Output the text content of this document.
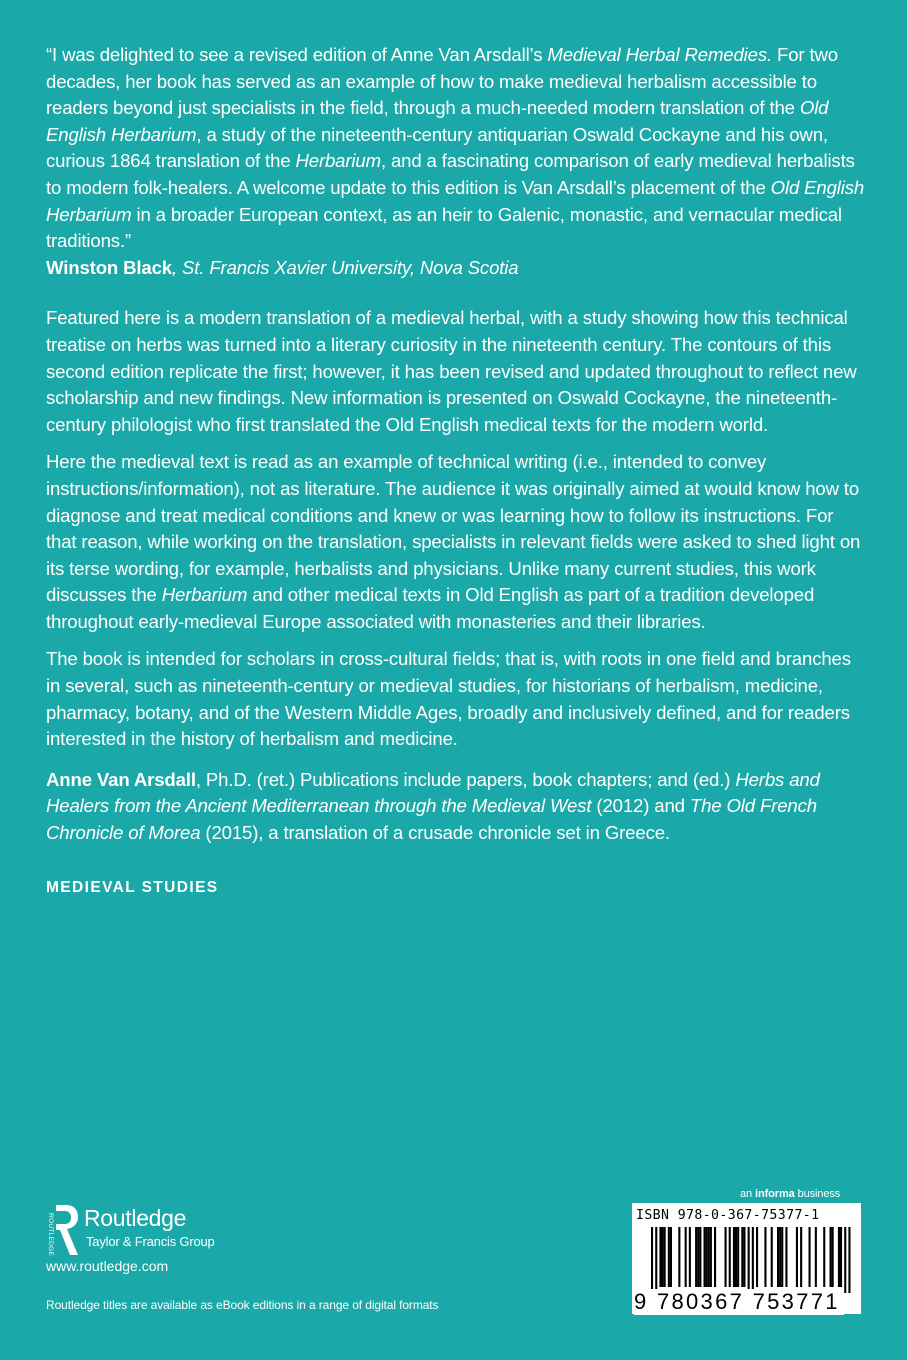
“I was delighted to see a revised edition of Anne Van Arsdall’s Medieval Herbal Remedies. For two decades, her book has served as an example of how to make medieval herbalism accessible to readers beyond just specialists in the field, through a much-needed modern translation of the Old English Herbarium, a study of the nineteenth-century antiquarian Oswald Cockayne and his own, curious 1864 translation of the Herbarium, and a fascinating comparison of early medieval herbalists to modern folk-healers. A welcome update to this edition is Van Arsdall’s placement of the Old English Herbarium in a broader European context, as an heir to Galenic, monastic, and vernacular medical traditions.”
Winston Black, St. Francis Xavier University, Nova Scotia

Featured here is a modern translation of a medieval herbal, with a study showing how this technical treatise on herbs was turned into a literary curiosity in the nineteenth century. The contours of this second edition replicate the first; however, it has been revised and updated throughout to reflect new scholarship and new findings. New information is presented on Oswald Cockayne, the nineteenth-century philologist who first translated the Old English medical texts for the modern world.

Here the medieval text is read as an example of technical writing (i.e., intended to convey instructions/information), not as literature. The audience it was originally aimed at would know how to diagnose and treat medical conditions and knew or was learning how to follow its instructions. For that reason, while working on the translation, specialists in relevant fields were asked to shed light on its terse wording, for example, herbalists and physicians. Unlike many current studies, this work discusses the Herbarium and other medical texts in Old English as part of a tradition developed throughout early-medieval Europe associated with monasteries and their libraries.

The book is intended for scholars in cross-cultural fields; that is, with roots in one field and branches in several, such as nineteenth-century or medieval studies, for historians of herbalism, medicine, pharmacy, botany, and of the Western Middle Ages, broadly and inclusively defined, and for readers interested in the history of herbalism and medicine.

Anne Van Arsdall, Ph.D. (ret.) Publications include papers, book chapters; and (ed.) Herbs and Healers from the Ancient Mediterranean through the Medieval West (2012) and The Old French Chronicle of Morea (2015), a translation of a crusade chronicle set in Greece.

MEDIEVAL STUDIES

ROUTLEDGE Routledge
Taylor & Francis Group
www.routledge.com
Routledge titles are available as eBook editions in a range of digital formats
an informa business
ISBN 978-0-367-75377-1
9 780367 753771
